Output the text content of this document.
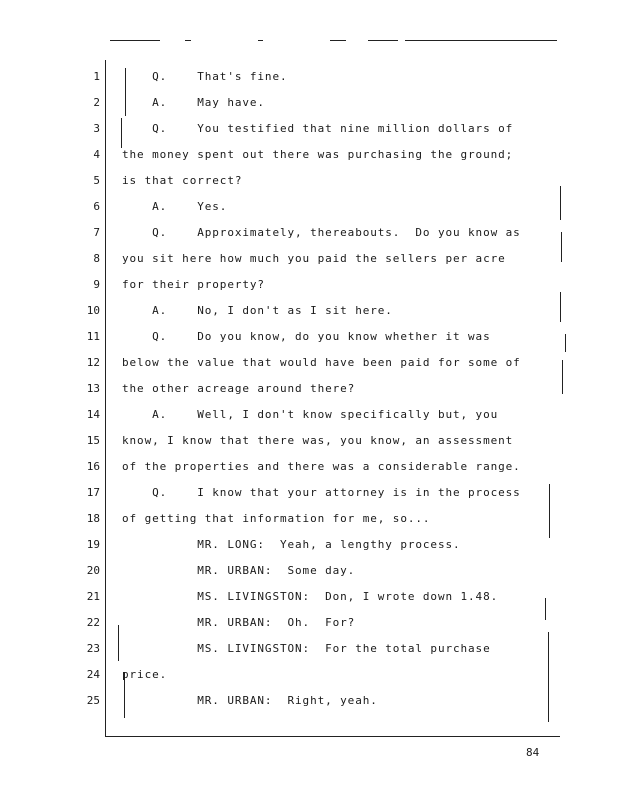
1 Q.    That's fine.
2 A.    May have.
3 Q.    You testified that nine million dollars of
4 the money spent out there was purchasing the ground;
5 is that correct?
6 A.    Yes.
7 Q.    Approximately, thereabouts.  Do you know as
8 you sit here how much you paid the sellers per acre
9 for their property?
10 A.    No, I don't as I sit here.
11 Q.    Do you know, do you know whether it was
12 below the value that would have been paid for some of
13 the other acreage around there?
14 A.    Well, I don't know specifically but, you
15 know, I know that there was, you know, an assessment
16 of the properties and there was a considerable range.
17 Q.    I know that your attorney is in the process
18 of getting that information for me, so...
19 MR. LONG:  Yeah, a lengthy process.
20 MR. URBAN:  Some day.
21 MS. LIVINGSTON:  Don, I wrote down 1.48.
22 MR. URBAN:  Oh.  For?
23 MS. LIVINGSTON:  For the total purchase
24 price.
25 MR. URBAN:  Right, yeah.
84
